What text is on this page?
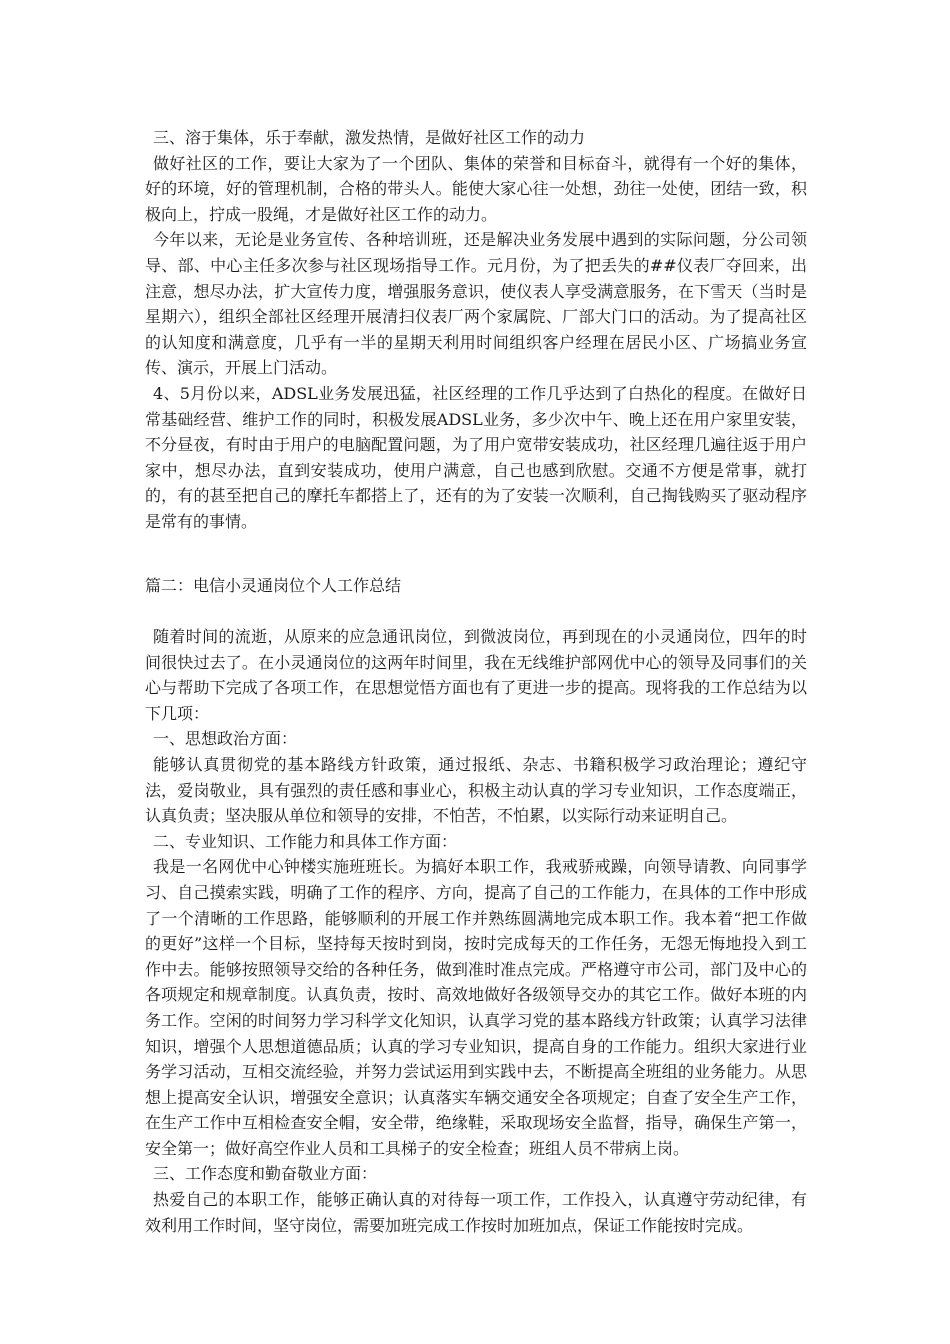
三、溶于集体，乐于奉献，激发热情，是做好社区工作的动力

做好社区的工作，要让大家为了一个团队、集体的荣誉和目标奋斗，就得有一个好的集体，好的环境，好的管理机制，合格的带头人。能使大家心往一处想，劲往一处使，团结一致，积极向上，拧成一股绳，才是做好社区工作的动力。

今年以来，无论是业务宣传、各种培训班，还是解决业务发展中遇到的实际问题，分公司领导、部、中心主任多次参与社区现场指导工作。元月份，为了把丢失的##仪表厂夺回来，出注意，想尽办法，扩大宣传力度，增强服务意识，使仪表人享受满意服务，在下雪天（当时是星期六），组织全部社区经理开展清扫仪表厂两个家属院、厂部大门口的活动。为了提高社区的认知度和满意度，几乎有一半的星期天利用时间组织客户经理在居民小区、广场搞业务宣传、演示，开展上门活动。

4、5月份以来，ADSL业务发展迅猛，社区经理的工作几乎达到了白热化的程度。在做好日常基础经营、维护工作的同时，积极发展ADSL业务，多少次中午、晚上还在用户家里安装，不分昼夜，有时由于用户的电脑配置问题，为了用户宽带安装成功，社区经理几遍往返于用户家中，想尽办法，直到安装成功，使用户满意，自己也感到欣慰。交通不方便是常事，就打的，有的甚至把自己的摩托车都搭上了，还有的为了安装一次顺利，自己掏钱购买了驱动程序是常有的事情。

篇二：电信小灵通岗位个人工作总结

随着时间的流逝，从原来的应急通讯岗位，到微波岗位，再到现在的小灵通岗位，四年的时间很快过去了。在小灵通岗位的这两年时间里，我在无线维护部网优中心的领导及同事们的关心与帮助下完成了各项工作，在思想觉悟方面也有了更进一步的提高。现将我的工作总结为以下几项：

一、思想政治方面：

能够认真贯彻党的基本路线方针政策，通过报纸、杂志、书籍积极学习政治理论；遵纪守法，爱岗敬业，具有强烈的责任感和事业心，积极主动认真的学习专业知识，工作态度端正，认真负责；坚决服从单位和领导的安排，不怕苦，不怕累，以实际行动来证明自己。

二、专业知识、工作能力和具体工作方面：

我是一名网优中心钟楼实施班班长。为搞好本职工作，我戒骄戒躁，向领导请教、向同事学习、自己摸索实践，明确了工作的程序、方向，提高了自己的工作能力，在具体的工作中形成了一个清晰的工作思路，能够顺利的开展工作并熟练圆满地完成本职工作。我本着“把工作做的更好”这样一个目标，坚持每天按时到岗，按时完成每天的工作任务，无怨无悔地投入到工作中去。能够按照领导交给的各种任务，做到准时准点完成。严格遵守市公司，部门及中心的各项规定和规章制度。认真负责，按时、高效地做好各级领导交办的其它工作。做好本班的内务工作。空闲的时间努力学习科学文化知识，认真学习党的基本路线方针政策；认真学习法律知识，增强个人思想道德品质；认真的学习专业知识，提高自身的工作能力。组织大家进行业务学习活动，互相交流经验，并努力尝试运用到实践中去，不断提高全班组的业务能力。从思想上提高安全认识，增强安全意识；认真落实车辆交通安全各项规定；自查了安全生产工作，在生产工作中互相检查安全帽，安全带，绝缘鞋，采取现场安全监督，指导，确保生产第一，安全第一；做好高空作业人员和工具梯子的安全检查；班组人员不带病上岗。

三、工作态度和勤奋敬业方面：

热爱自己的本职工作，能够正确认真的对待每一项工作，工作投入，认真遵守劳动纪律，有效利用工作时间，坚守岗位，需要加班完成工作按时加班加点，保证工作能按时完成。
